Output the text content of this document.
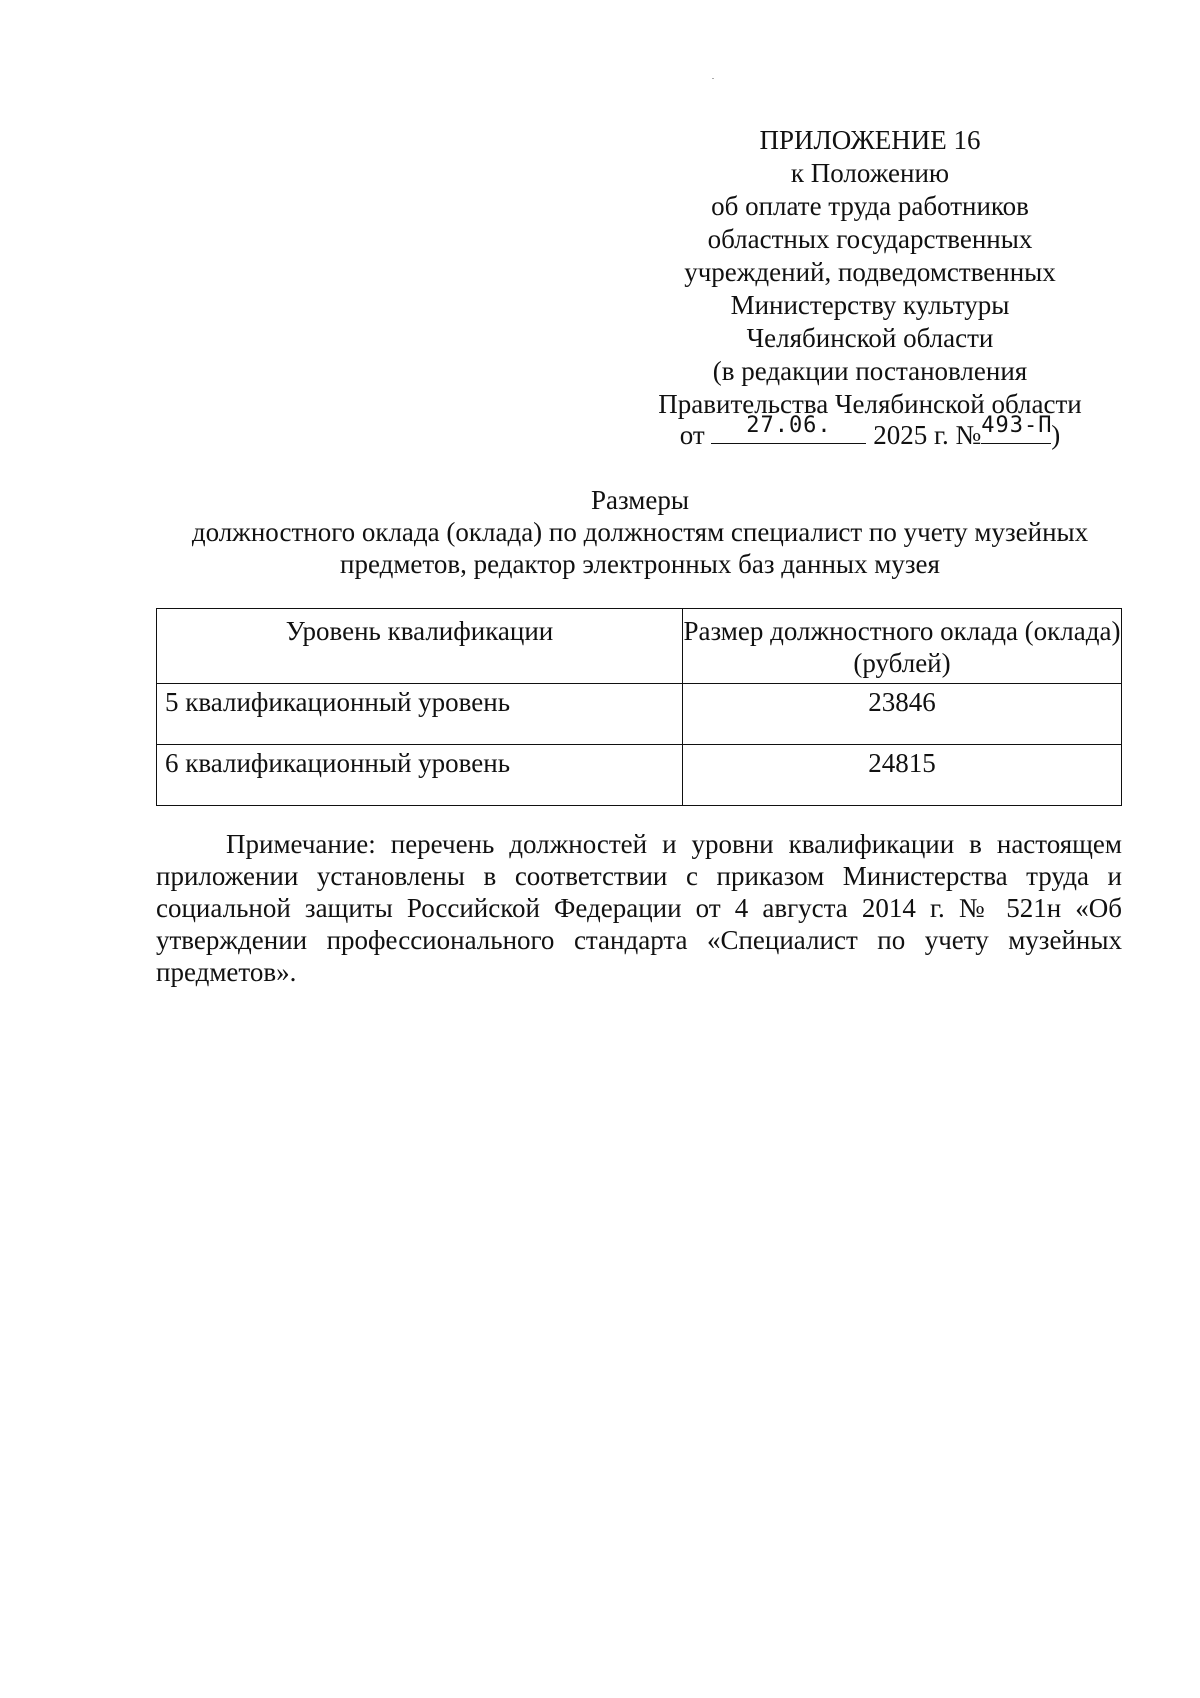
ПРИЛОЖЕНИЕ 16
к Положению
об оплате труда работников
областных государственных
учреждений, подведомственных
Министерству культуры
Челябинской области
(в редакции постановления
Правительства Челябинской области
от	27.06.	2025 г. № 493-П
)
Размеры
должностного оклада (оклада) по должностям специалист по учету музейных
предметов, редактор электронных баз данных музея
Уровень квалификации	Размер должностного оклада (оклада) (рублей)
5 квалификационный уровень	23846
6 квалификационный уровень	24815

Примечание: перечень должностей и уровни квалификации в настоящем приложении установлены в соответствии с приказом Министерства труда и социальной защиты Российской Федерации от 4 августа 2014 г. № 521н «Об утверждении профессионального стандарта «Специалист по учету музейных предметов».
